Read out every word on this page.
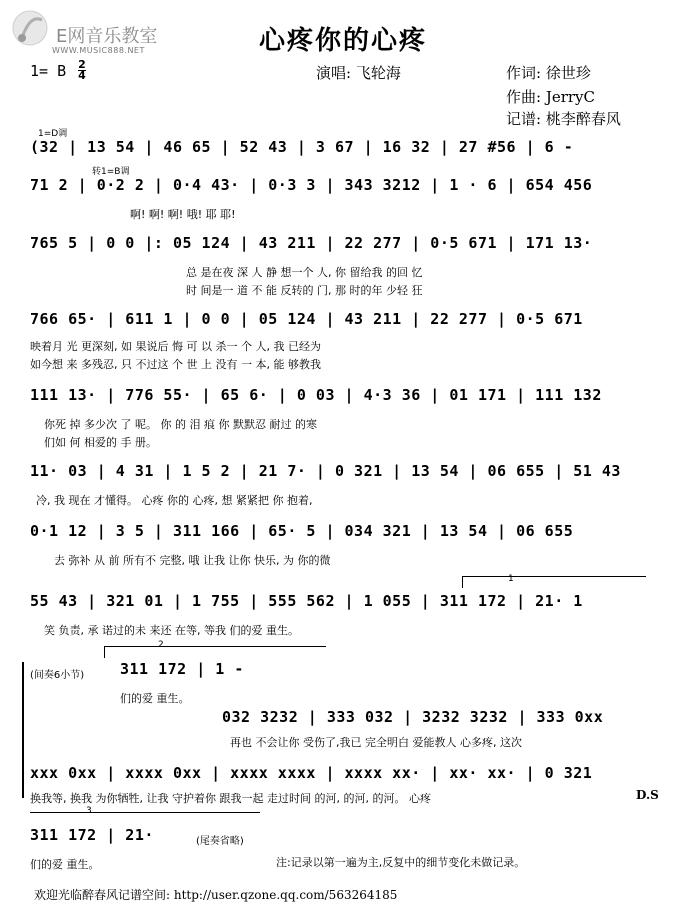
E网音乐教室
WWW.MUSIC888.NET	心疼你的心疼
1= B 2
4	演唱: 飞轮海	作词: 徐世珍
作曲: JerryC
记谱: 桃李醉春风
1=D调
转1=B调
(32 | 13 54 | 46 65 | 52 43 | 3 67 | 16 32 | 27 #56 | 6 -
71 2 | 0·2 2 | 0·4 43· | 0·3 3 | 343 3212 | 1 · 6 | 654 456
啊! 啊! 啊! 哦! 耶 耶!
765 5 | 0 0 |: 05 124 | 43 211 | 22 277 | 0·5 671 | 171 13·
总 是在夜 深 人 静 想一个 人, 你 留给我 的回 忆
时 间是一 道 不 能 反转的 门, 那 时的年 少轻 狂
766 65· | 611 1 | 0 0 | 05 124 | 43 211 | 22 277 | 0·5 671
映着月 光 更深刻, 如 果说后 悔 可 以 杀一 个 人, 我 已经为
如今想 来 多残忍, 只 不过这 个 世 上 没有 一 本, 能 够教我
111 13· | 776 55· | 65 6· | 0 03 | 4·3 36 | 01 171 | 111 132
你死 掉 多少次 了 呢。 你 的 泪 痕 你 默默忍 耐过 的寒
们如 何 相爱的 手 册。
11· 03 | 4 31 | 1 5 2 | 21 7· | 0 321 | 13 54 | 06 655 | 51 43
冷, 我 现在 才懂得。 心疼 你的 心疼, 想 紧紧把 你 抱着,
0·1 12 | 3 5 | 311 166 | 65· 5 | 034 321 | 13 54 | 06 655
去 弥补 从 前 所有不 完整, 哦 让我 让你 快乐, 为 你的微
1
55 43 | 321 01 | 1 755 | 555 562 | 1 055 | 311 172 | 21· 1
笑 负责, 承 诺过的未 来还 在等, 等我 们的爱 重生。
2
(间奏6小节) 311 172 | 1 -
们的爱 重生。
032 3232 | 333 032 | 3232 3232 | 333 0xx
再也 不会让你 受伤了,我已 完全明白 爱能教人 心多疼, 这次
xxx 0xx | xxxx 0xx | xxxx xxxx | xxxx xx· | xx· xx· | 0 321
换我等, 换我 为你牺牲, 让我 守护着你 跟我一起 走过时间 的河, 的河, 的河。 心疼	D.S
3
311 172 | 21·	(尾奏省略)
们的爱 重生。	注:记录以第一遍为主,反复中的细节变化未做记录。
欢迎光临醉春风记谱空间: http://user.qzone.qq.com/563264185
